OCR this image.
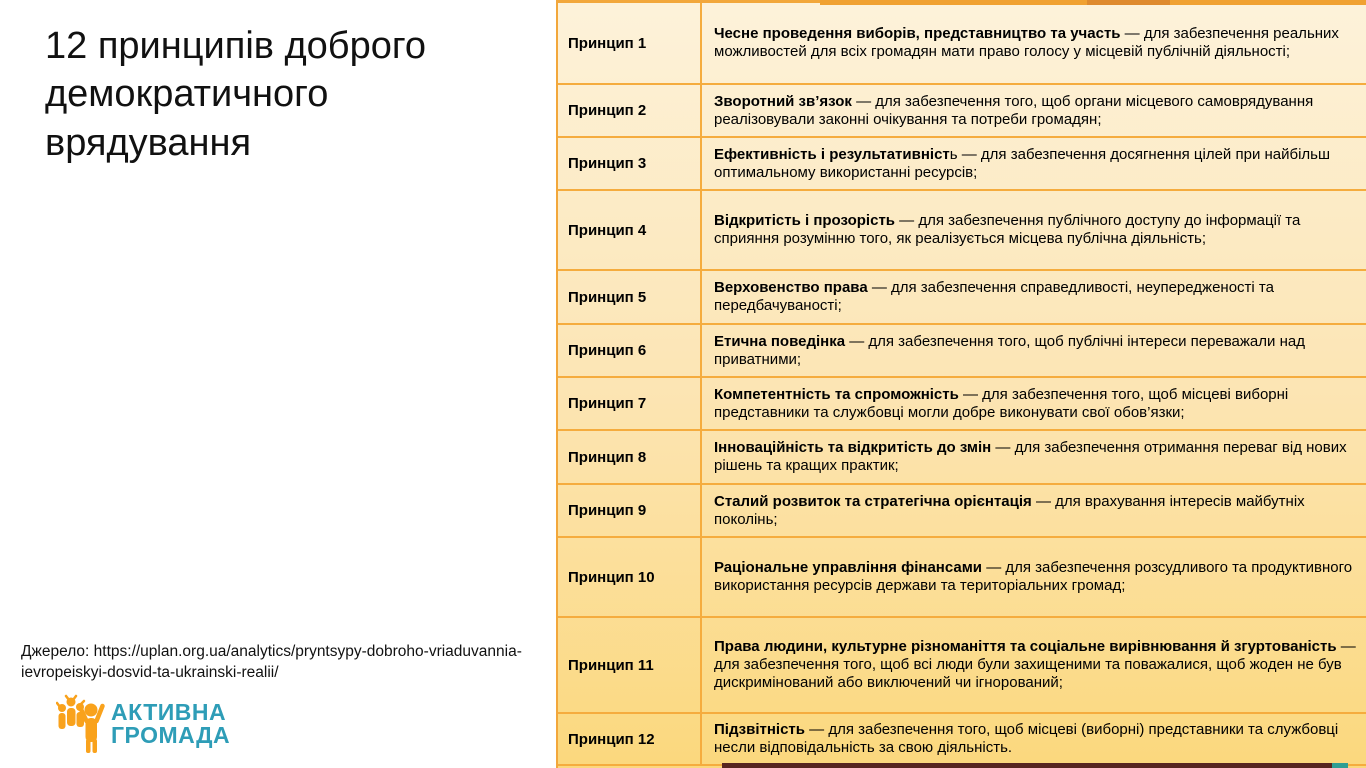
12 принципів доброго демократичного врядування
Джерело: https://uplan.org.ua/analytics/pryntsypy-dobroho-vriaduvannia-ievropeiskyi-dosvid-ta-ukrainski-realii/
АКТИВНА
ГРОМАДА
Принцип 1
Чесне проведення виборів, представництво та участь — для забезпечення реальних можливостей для всіх громадян мати право голосу у місцевій публічній діяльності;
Принцип 2
Зворотний зв’язок — для забезпечення того, щоб органи місцевого самоврядування реалізовували законні очікування та потреби громадян;
Принцип 3
Ефективність і результативність — для забезпечення досягнення цілей при найбільш оптимальному використанні ресурсів;
Принцип 4
Відкритість і прозорість — для забезпечення публічного доступу до інформації та сприяння розумінню того, як реалізується місцева публічна діяльність;
Принцип 5
Верховенство права — для забезпечення справедливості, неупередженості та передбачуваності;
Принцип 6
Етична поведінка — для забезпечення того, щоб публічні інтереси переважали над приватними;
Принцип 7
Компетентність та спроможність — для забезпечення того, щоб місцеві виборні представники та службовці могли добре виконувати свої обов’язки;
Принцип 8
Інноваційність та відкритість до змін — для забезпечення отримання переваг від нових рішень та кращих практик;
Принцип 9
Сталий розвиток та стратегічна орієнтація — для врахування інтересів майбутніх поколінь;
Принцип 10
Раціональне управління фінансами — для забезпечення розсудливого та продуктивного використання ресурсів держави та територіальних громад;
Принцип 11
Права людини, культурне різноманіття та соціальне вирівнювання й згуртованість — для забезпечення того, щоб всі люди були захищеними та поважалися, щоб жоден не був дискримінований або виключений чи ігнорований;
Принцип 12
Підзвітність — для забезпечення того, щоб місцеві (виборні) представники та службовці несли відповідальність за свою діяльність.
